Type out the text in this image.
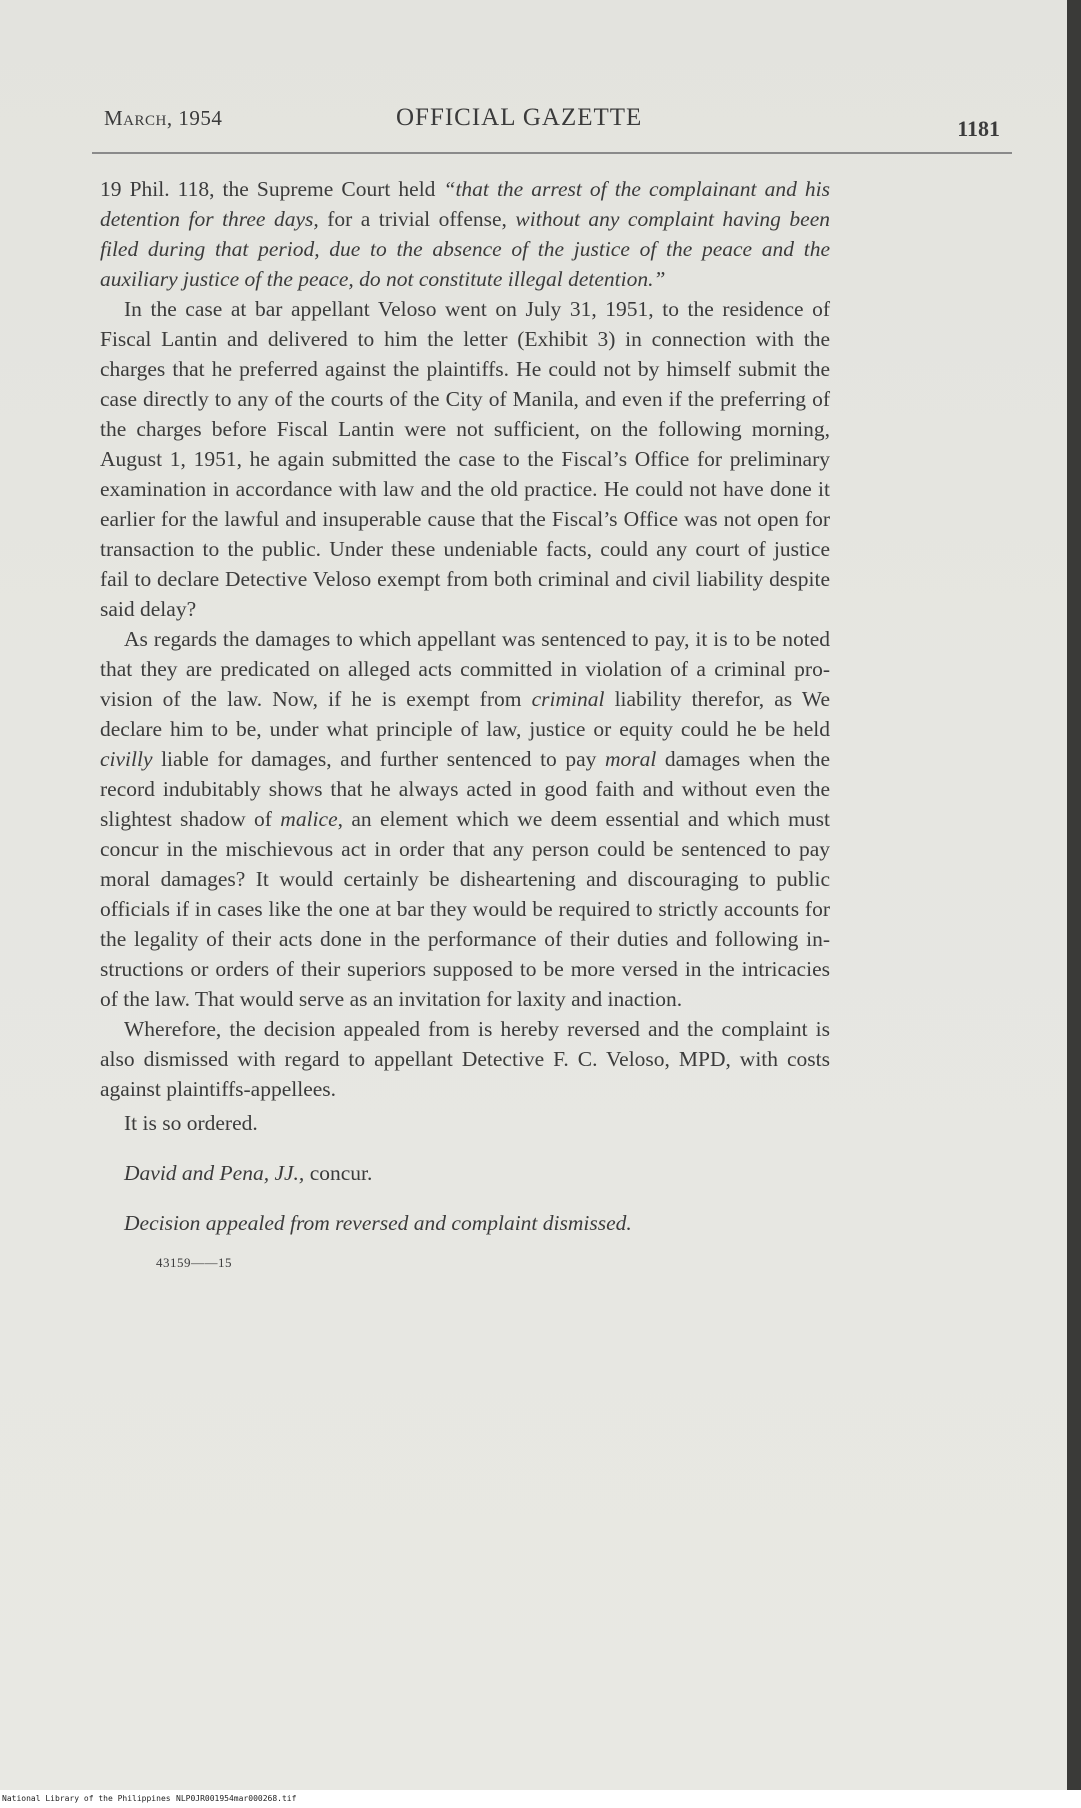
March, 1954	OFFICIAL GAZETTE	1181

19 Phil. 118, the Supreme Court held “that the arrest of the complainant and his detention for three days, for a trivial offense, without any complaint having been filed during that period, due to the absence of the justice of the peace and the auxiliary justice of the peace, do not constitute illegal detention.”

In the case at bar appellant Veloso went on July 31, 1951, to the residence of Fiscal Lantin and delivered to him the letter (Exhibit 3) in connection with the charges that he preferred against the plaintiffs. He could not by himself submit the case directly to any of the courts of the City of Manila, and even if the preferring of the charges before Fiscal Lantin were not sufficient, on the following morning, August 1, 1951, he again submitted the case to the Fiscal’s Office for preliminary examination in accordance with law and the old practice. He could not have done it earlier for the lawful and insuperable cause that the Fiscal’s Office was not open for transaction to the public. Under these undeniable facts, could any court of justice fail to declare Detective Veloso exempt from both criminal and civil liability despite said delay?

As regards the damages to which appellant was sentenced to pay, it is to be noted that they are predicated on alleged acts committed in violation of a criminal provision of the law. Now, if he is exempt from criminal liability therefor, as We declare him to be, under what principle of law, justice or equity could he be held civilly liable for damages, and further sentenced to pay moral damages when the record indubitably shows that he always acted in good faith and without even the slightest shadow of malice, an element which we deem essential and which must concur in the mischievous act in order that any person could be sentenced to pay moral damages? It would certainly be disheartening and discouraging to public officials if in cases like the one at bar they would be required to strictly accounts for the legality of their acts done in the performance of their duties and following instructions or orders of their superiors supposed to be more versed in the intricacies of the law. That would serve as an invitation for laxity and inaction.

Wherefore, the decision appealed from is hereby reversed and the complaint is also dismissed with regard to appellant Detective F. C. Veloso, MPD, with costs against plaintiffs-appellees.

It is so ordered.

David and Pena, JJ., concur.

Decision appealed from reversed and complaint dismissed.

43159——15
National Library of the Philippines NLP0JR001954mar000268.tif
